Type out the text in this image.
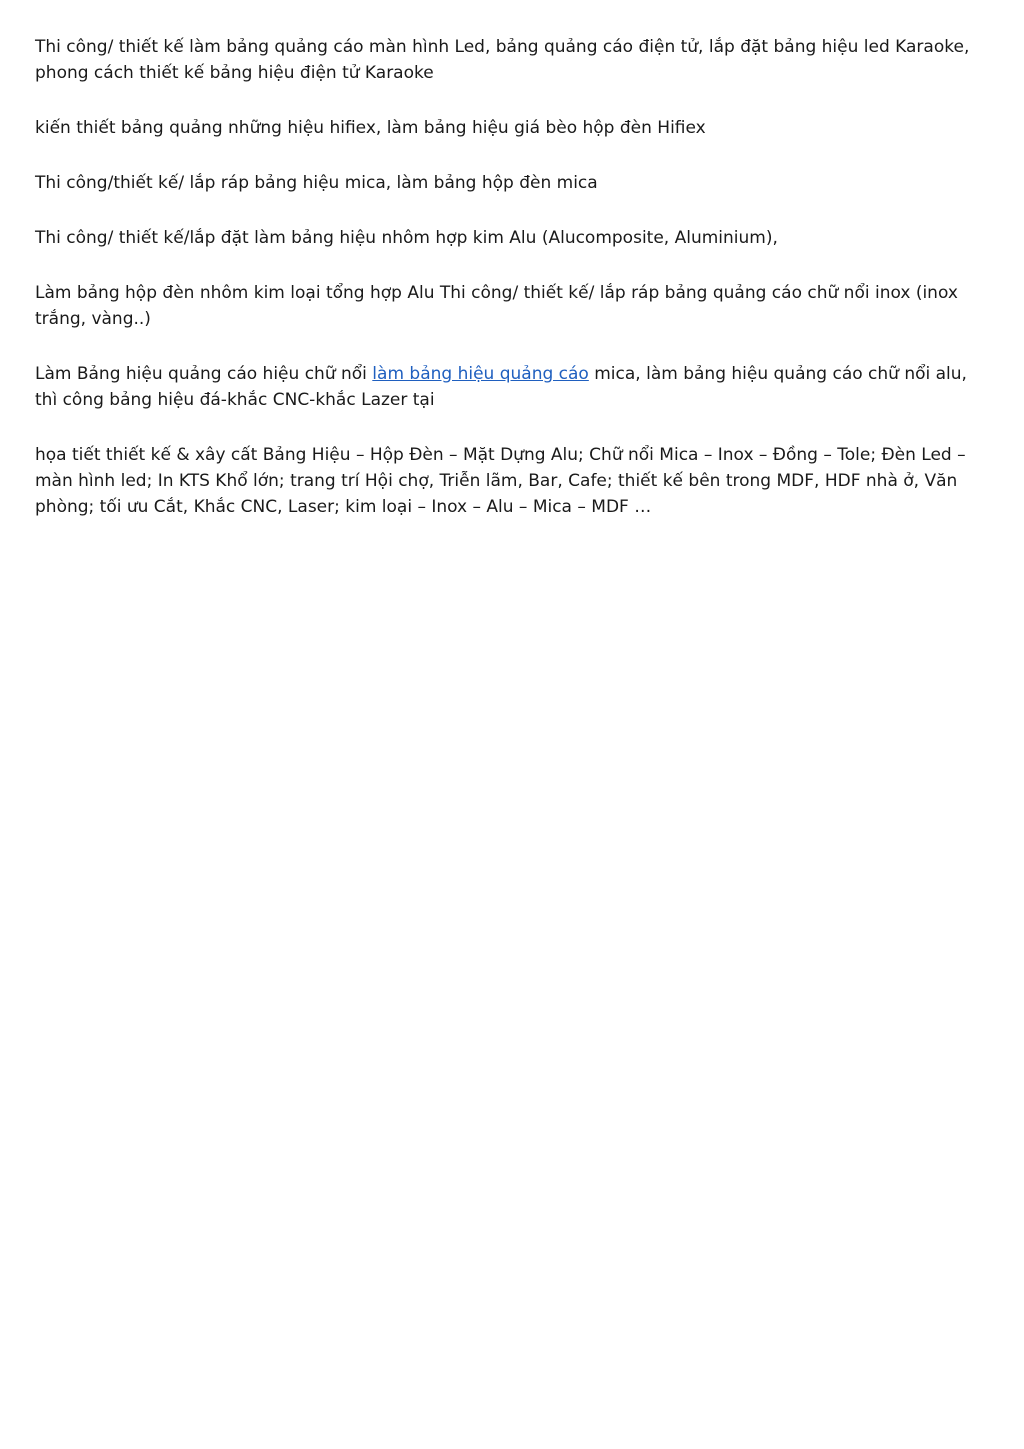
Thi công/ thiết kế làm bảng quảng cáo màn hình Led, bảng quảng cáo điện tử, lắp đặt bảng hiệu led Karaoke, phong cách thiết kế bảng hiệu điện tử Karaoke

kiến thiết bảng quảng những hiệu hifiex, làm bảng hiệu giá bèo hộp đèn Hifiex

Thi công/thiết kế/ lắp ráp bảng hiệu mica, làm bảng hộp đèn mica

Thi công/ thiết kế/lắp đặt làm bảng hiệu nhôm hợp kim Alu (Alucomposite, Aluminium),

Làm bảng hộp đèn nhôm kim loại tổng hợp Alu Thi công/ thiết kế/ lắp ráp bảng quảng cáo chữ nổi inox (inox trắng, vàng..)

Làm Bảng hiệu quảng cáo hiệu chữ nổi làm bảng hiệu quảng cáo mica, làm bảng hiệu quảng cáo chữ nổi alu, thì công bảng hiệu đá-khắc CNC-khắc Lazer tại

họa tiết thiết kế & xây cất Bảng Hiệu – Hộp Đèn – Mặt Dựng Alu; Chữ nổi Mica – Inox – Đồng – Tole; Đèn Led – màn hình led; In KTS Khổ lớn; trang trí Hội chợ, Triễn lãm, Bar, Cafe; thiết kế bên trong MDF, HDF nhà ở, Văn phòng; tối ưu Cắt, Khắc CNC, Laser; kim loại – Inox – Alu – Mica – MDF …
